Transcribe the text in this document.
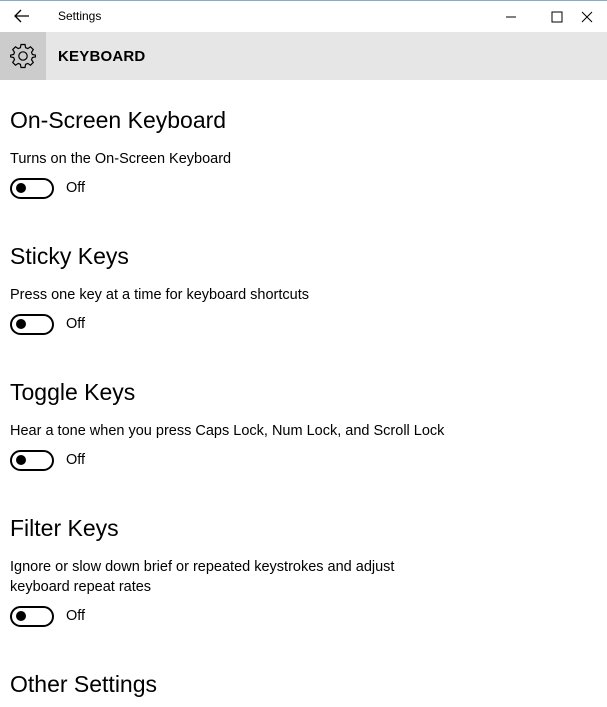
Settings
KEYBOARD
On-Screen Keyboard
Turns on the On-Screen Keyboard
Off
Sticky Keys
Press one key at a time for keyboard shortcuts
Off
Toggle Keys
Hear a tone when you press Caps Lock, Num Lock, and Scroll Lock
Off
Filter Keys
Ignore or slow down brief or repeated keystrokes and adjust
keyboard repeat rates
Off
Other Settings
